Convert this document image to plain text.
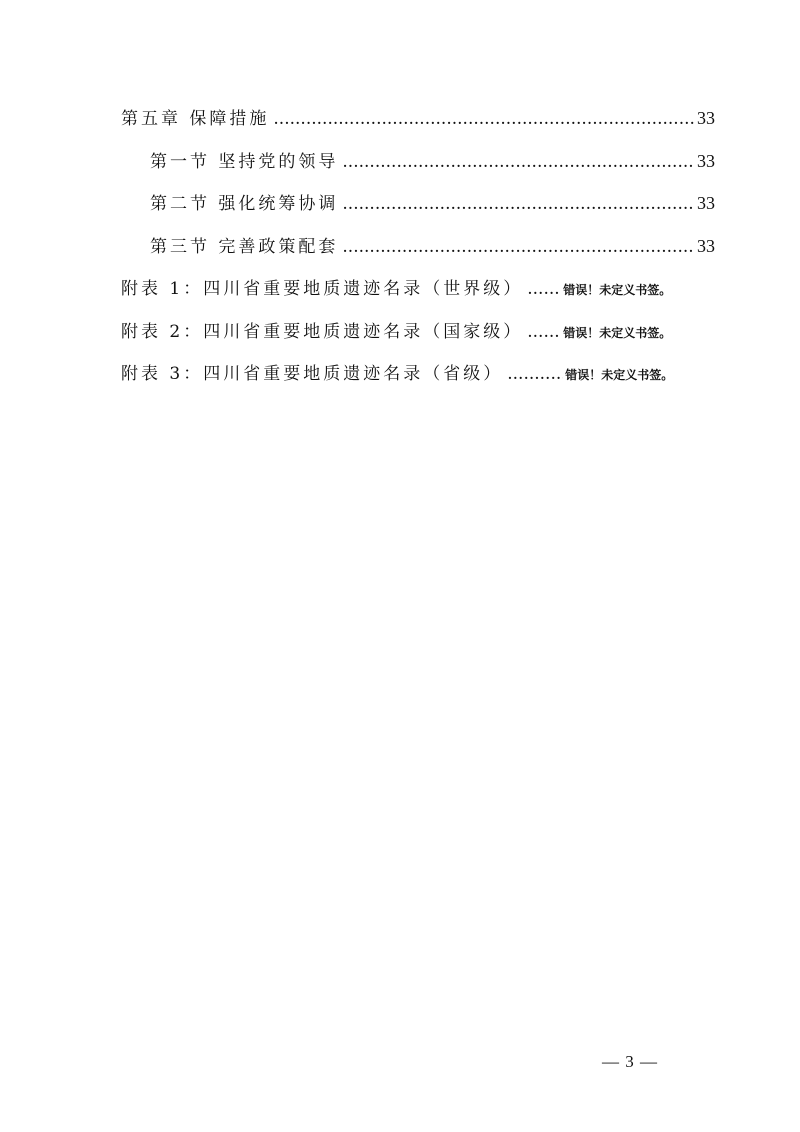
第五章 保障措施 .....	33
第一节 坚持党的领导 .....	33
第二节 强化统筹协调 .....	33
第三节 完善政策配套 .....	33
附表 1：四川省重要地质遗迹名录（世界级） .....	错误！未定义书签。
附表 2：四川省重要地质遗迹名录（国家级） .....	错误！未定义书签。
附表 3：四川省重要地质遗迹名录（省级） .....	错误！未定义书签。
— 3 —
